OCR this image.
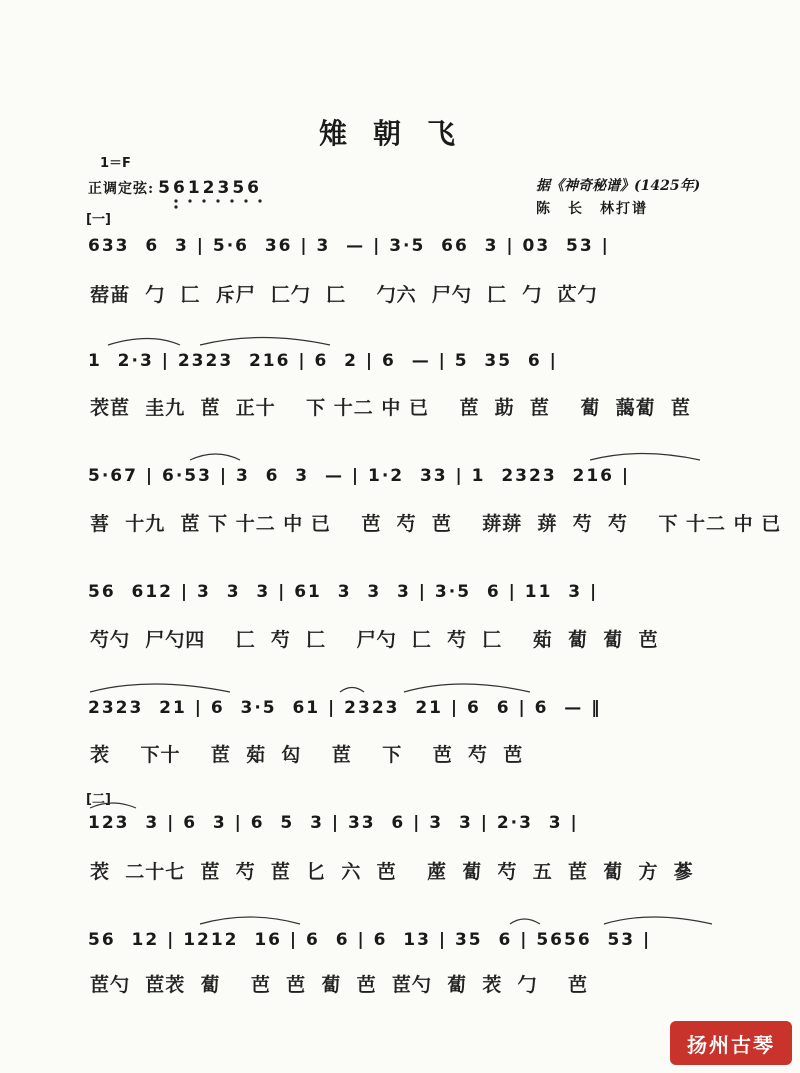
雉朝飞
1＝F
正调定弦: 5612356	据《神奇秘谱》(1425年)
陈　长　林打谱
[一]
[二]
633  6  3 | 5·6  36 | 3  — | 3·5  66  3 | 03  53 |
1  2·3 | 2323  216 | 6  2 | 6  — | 5  35  6 |
5·67 | 6·53 | 3  6  3  — | 1·2  33 | 1  2323  216 |
56  612 | 3  3  3 | 61  3  3  3 | 3·5  6 | 11  3 |
2323  21 | 6  3·5  61 | 2323  21 | 6  6 | 6  — ‖
123  3 | 6  3 | 6  5  3 | 33  6 | 3  3 | 2·3  3 |
56  12 | 1212  16 | 6  6 | 6  13 | 35  6 | 5656  53 |
䓨䒼  勹  匚  斥尸  匚勹  匚    勹六  尸勺  匚  勹  𦬆勹
䒾茞  圭九  茞  正十    下 十二 中 已    茞  莇  茞    蔔  藹蔔  茞
䓊  十九  茞 下 十二 中 已    芭  芍  芭    䔊䔊  䔊  芍  芍    下 十二 中 已
芍勺  尸勺四    匚  芍  匚    尸勺  匚  芍  匚    䓡  蔔  蔔  芭
䒾    下十    茞  䓡  匃    茞    下    芭  芍  芭
䒾  二十七  茞  芍  茞  匕  六  芭    蓙  蔔  芍  五  茞  蔔  方  蔘
茞勺  茞䒾  蔔    芭  芭  蔔  芭  茞勺  蔔  䒾  勹    芭
扬州古琴
